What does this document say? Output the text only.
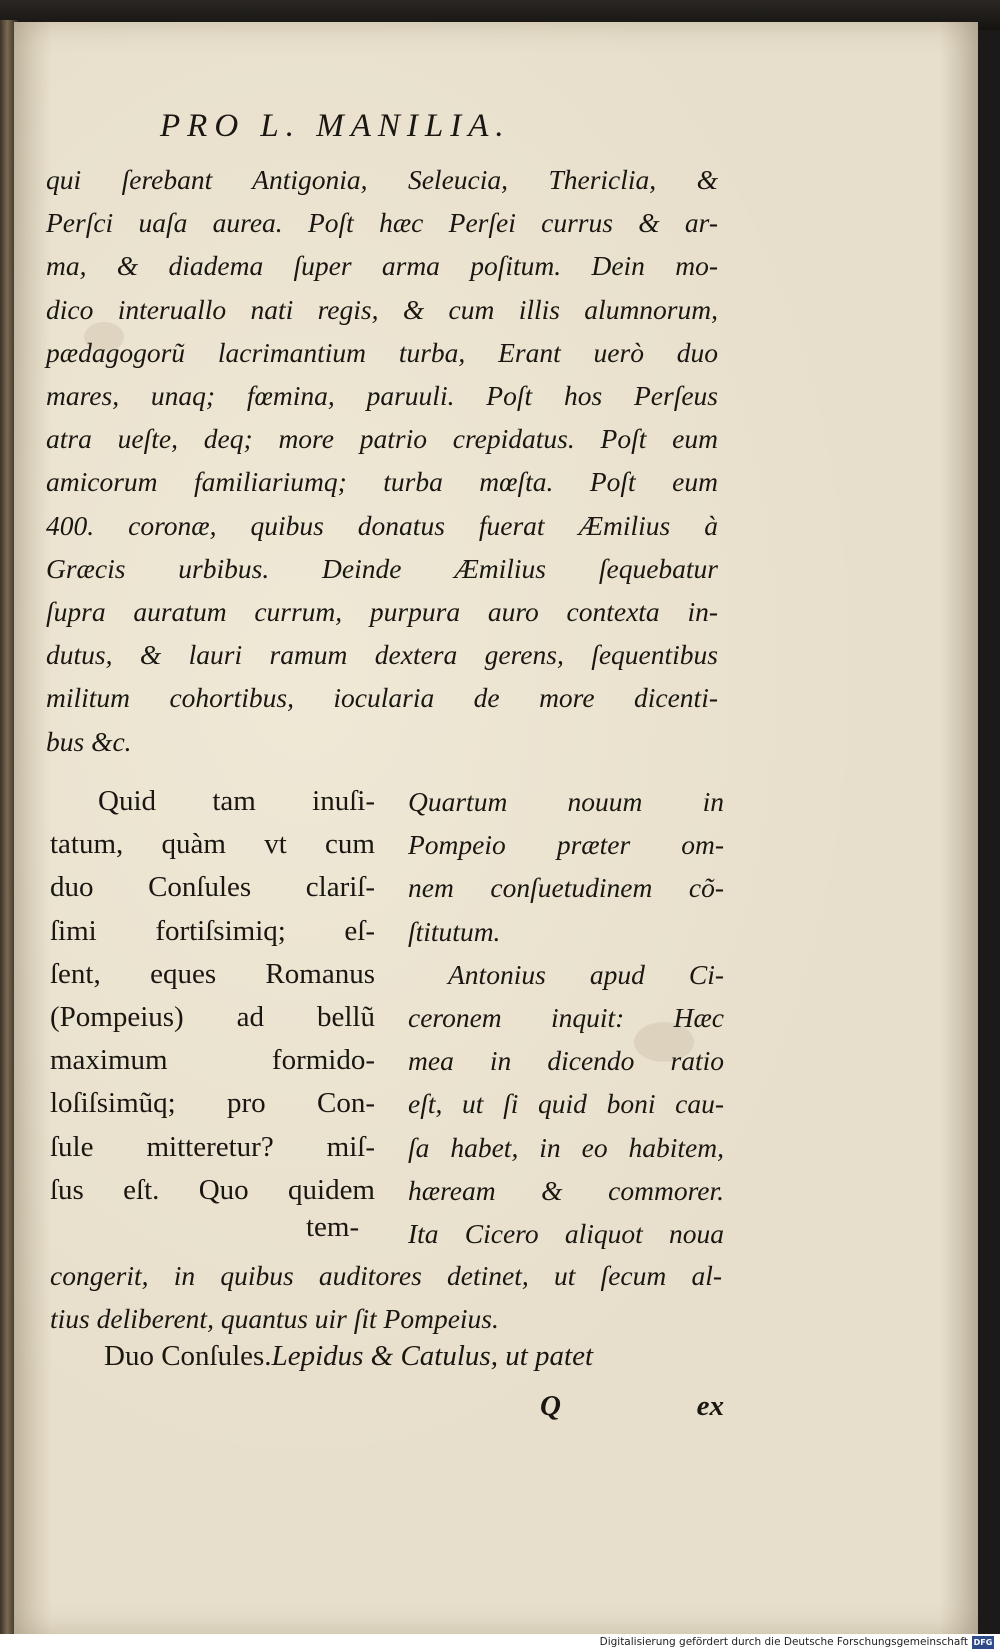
PRO L. MANILIA.
qui ſerebant Antigonia, Seleucia, Thericlia, &
Perſci uaſa aurea. Poſt hæc Perſei currus & ar-
ma, & diadema ſuper arma poſitum. Dein mo-
dico interuallo nati regis, & cum illis alumnorum,
pædagogorũ lacrimantium turba, Erant uerò duo
mares, unaq; fœmina, paruuli. Poſt hos Perſeus
atra ueſte, deq; more patrio crepidatus. Poſt eum
amicorum familiariumq; turba mœſta. Poſt eum
400. coronæ, quibus donatus fuerat Æmilius à
Græcis urbibus. Deinde Æmilius ſequebatur
ſupra auratum currum, purpura auro contexta in-
dutus, & lauri ramum dextera gerens, ſequentibus
militum cohortibus, iocularia de more dicenti-
bus &c.
Quid tam inuſi-
tatum, quàm vt cum
duo Conſules clariſ-
ſimi fortiſsimiq; eſ-
ſent, eques Romanus
(Pompeius) ad bellũ
maximum formido-
loſiſsimũq; pro Con-
ſule mitteretur? miſ-
ſus eſt. Quo quidem
tem-
Quartum nouum in
Pompeio præter om-
nem conſuetudinem cõ-
ſtitutum.
Antonius apud Ci-
ceronem inquit: Hæc
mea in dicendo ratio
eſt, ut ſi quid boni cau-
ſa habet, in eo habitem,
hæream & commorer.
Ita Cicero aliquot noua
congerit, in quibus auditores detinet, ut ſecum al-
tius deliberent, quantus uir ſit Pompeius.
Duo Conſules.Lepidus & Catulus, ut patet
Q	ex
Digitalisierung gefördert durch die Deutsche Forschungsgemeinschaft DFG
